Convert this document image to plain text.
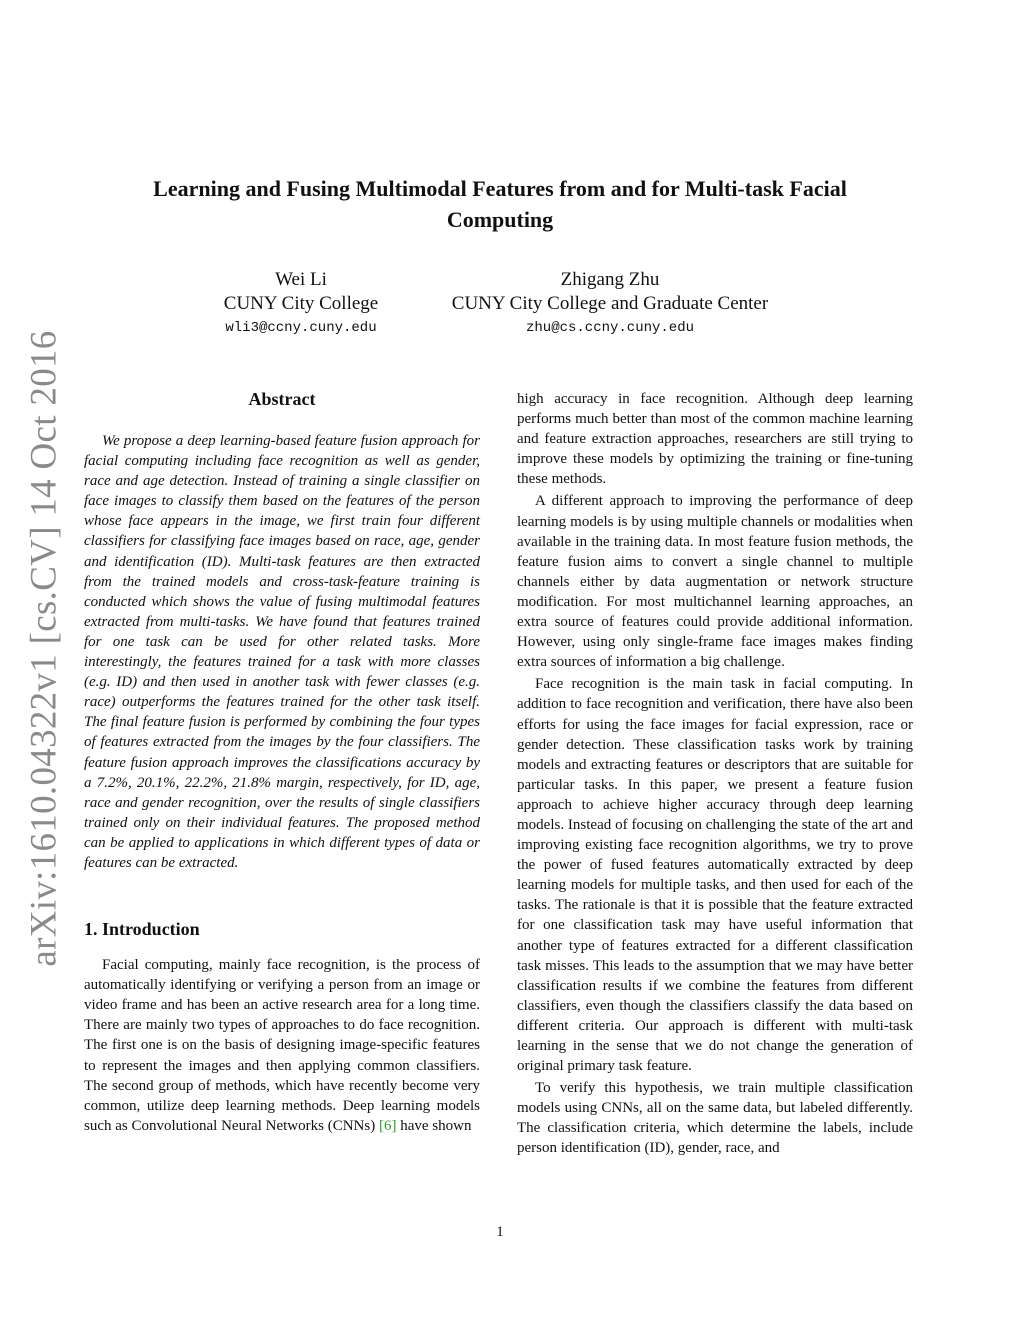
arXiv:1610.04322v1 [cs.CV] 14 Oct 2016
Learning and Fusing Multimodal Features from and for Multi-task Facial Computing
Wei Li
CUNY City College
wli3@ccny.cuny.edu
Zhigang Zhu
CUNY City College and Graduate Center
zhu@cs.ccny.cuny.edu
Abstract

We propose a deep learning-based feature fusion approach for facial computing including face recognition as well as gender, race and age detection. Instead of training a single classifier on face images to classify them based on the features of the person whose face appears in the image, we first train four different classifiers for classifying face images based on race, age, gender and identification (ID). Multi-task features are then extracted from the trained models and cross-task-feature training is conducted which shows the value of fusing multimodal features extracted from multi-tasks. We have found that features trained for one task can be used for other related tasks. More interestingly, the features trained for a task with more classes (e.g. ID) and then used in another task with fewer classes (e.g. race) outperforms the features trained for the other task itself. The final feature fusion is performed by combining the four types of features extracted from the images by the four classifiers. The feature fusion approach improves the classifications accuracy by a 7.2%, 20.1%, 22.2%, 21.8% margin, respectively, for ID, age, race and gender recognition, over the results of single classifiers trained only on their individual features. The proposed method can be applied to applications in which different types of data or features can be extracted.

1. Introduction

Facial computing, mainly face recognition, is the process of automatically identifying or verifying a person from an image or video frame and has been an active research area for a long time. There are mainly two types of approaches to do face recognition. The first one is on the basis of designing image-specific features to represent the images and then applying common classifiers. The second group of methods, which have recently become very common, utilize deep learning methods. Deep learning models such as Convolutional Neural Networks (CNNs) [6] have shown

high accuracy in face recognition. Although deep learning performs much better than most of the common machine learning and feature extraction approaches, researchers are still trying to improve these models by optimizing the training or fine-tuning these methods.

A different approach to improving the performance of deep learning models is by using multiple channels or modalities when available in the training data. In most feature fusion methods, the feature fusion aims to convert a single channel to multiple channels either by data augmentation or network structure modification. For most multichannel learning approaches, an extra source of features could provide additional information. However, using only single-frame face images makes finding extra sources of information a big challenge.

Face recognition is the main task in facial computing. In addition to face recognition and verification, there have also been efforts for using the face images for facial expression, race or gender detection. These classification tasks work by training models and extracting features or descriptors that are suitable for particular tasks. In this paper, we present a feature fusion approach to achieve higher accuracy through deep learning models. Instead of focusing on challenging the state of the art and improving existing face recognition algorithms, we try to prove the power of fused features automatically extracted by deep learning models for multiple tasks, and then used for each of the tasks. The rationale is that it is possible that the feature extracted for one classification task may have useful information that another type of features extracted for a different classification task misses. This leads to the assumption that we may have better classification results if we combine the features from different classifiers, even though the classifiers classify the data based on different criteria. Our approach is different with multi-task learning in the sense that we do not change the generation of original primary task feature.

To verify this hypothesis, we train multiple classification models using CNNs, all on the same data, but labeled differently. The classification criteria, which determine the labels, include person identification (ID), gender, race, and

1
